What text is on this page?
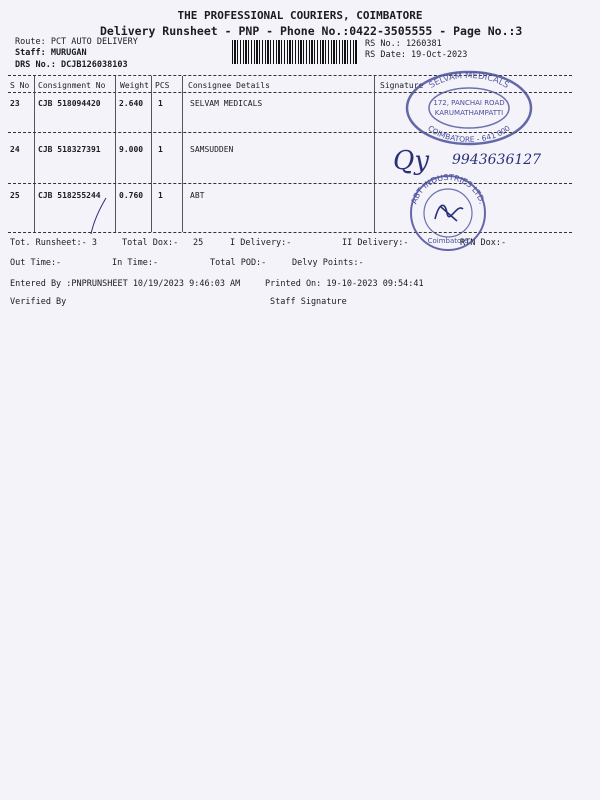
THE PROFESSIONAL COURIERS, COIMBATORE
Delivery Runsheet - PNP - Phone No.:0422-3505555 - Page No.:3
Route: PCT AUTO DELIVERY
Staff: MURUGAN
DRS No.: DCJB126038103
RS No.: 1260381
RS Date: 19-Oct-2023
S No Consignment No Weight PCS Consignee Details	Signature
23 CJB 518094420 2.640 1	SELVAM MEDICALS
24 CJB 518327391 9.000 1	SAMSUDDEN
25 CJB 518255244 0.760 1	ABT
Tot. Runsheet:- 3	Total Dox:- 25	I Delivery:-	II Delivery:-	RTN Dox:-
Out Time:-	In Time:-	Total POD:-	Delvy Points:-
Entered By :PNPRUNSHEET 10/19/2023 9:46:03 AM	Printed On: 19-10-2023 09:54:41
Verified By	Staff Signature
SELVAM MEDICALS
172, PANCHAI ROAD
KARUMATHAMPATTI
COIMBATORE - 641 000
Qy 9943636127
ABT INDUSTRIES LTD.
Coimbatore
